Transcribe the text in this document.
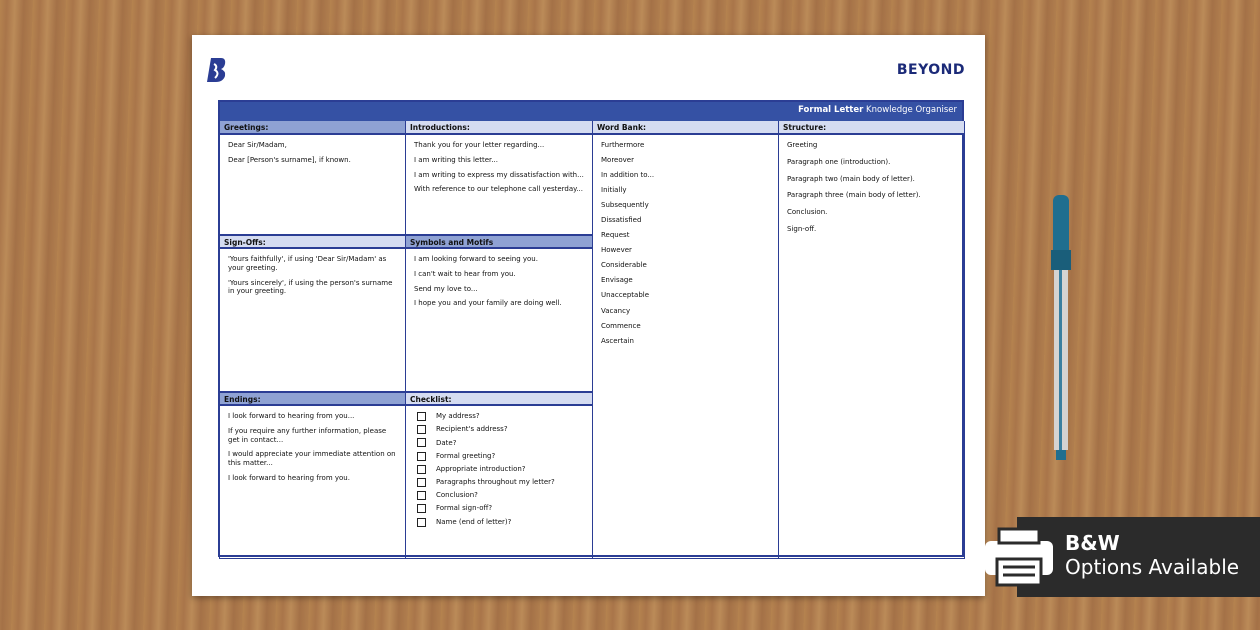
BEYOND
Formal Letter Knowledge Organiser
Greetings:

Dear Sir/Madam,

Dear [Person's surname], if known.

Introductions:

Thank you for your letter regarding...

I am writing this letter...

I am writing to express my dissatisfaction with...

With reference to our telephone call yesterday...

Word Bank:

Furthermore

Moreover

In addition to...

Initially

Subsequently

Dissatisfied

Request

However

Considerable

Envisage

Unacceptable

Vacancy

Commence

Ascertain

Structure:

Greeting

Paragraph one (introduction).

Paragraph two (main body of letter).

Paragraph three (main body of letter).

Conclusion.

Sign-off.

Sign-Offs:

'Yours faithfully', if using 'Dear Sir/Madam' as your greeting.

'Yours sincerely', if using the person's surname in your greeting.

Symbols and Motifs

I am looking forward to seeing you.

I can't wait to hear from you.

Send my love to...

I hope you and your family are doing well.

Endings:

I look forward to hearing from you...

If you require any further information, please get in contact...

I would appreciate your immediate attention on this matter...

I look forward to hearing from you.

Checklist:
My address?
Recipient's address?
Date?
Formal greeting?
Appropriate introduction?
Paragraphs throughout my letter?
Conclusion?
Formal sign-off?
Name (end of letter)?
B&W
Options Available
